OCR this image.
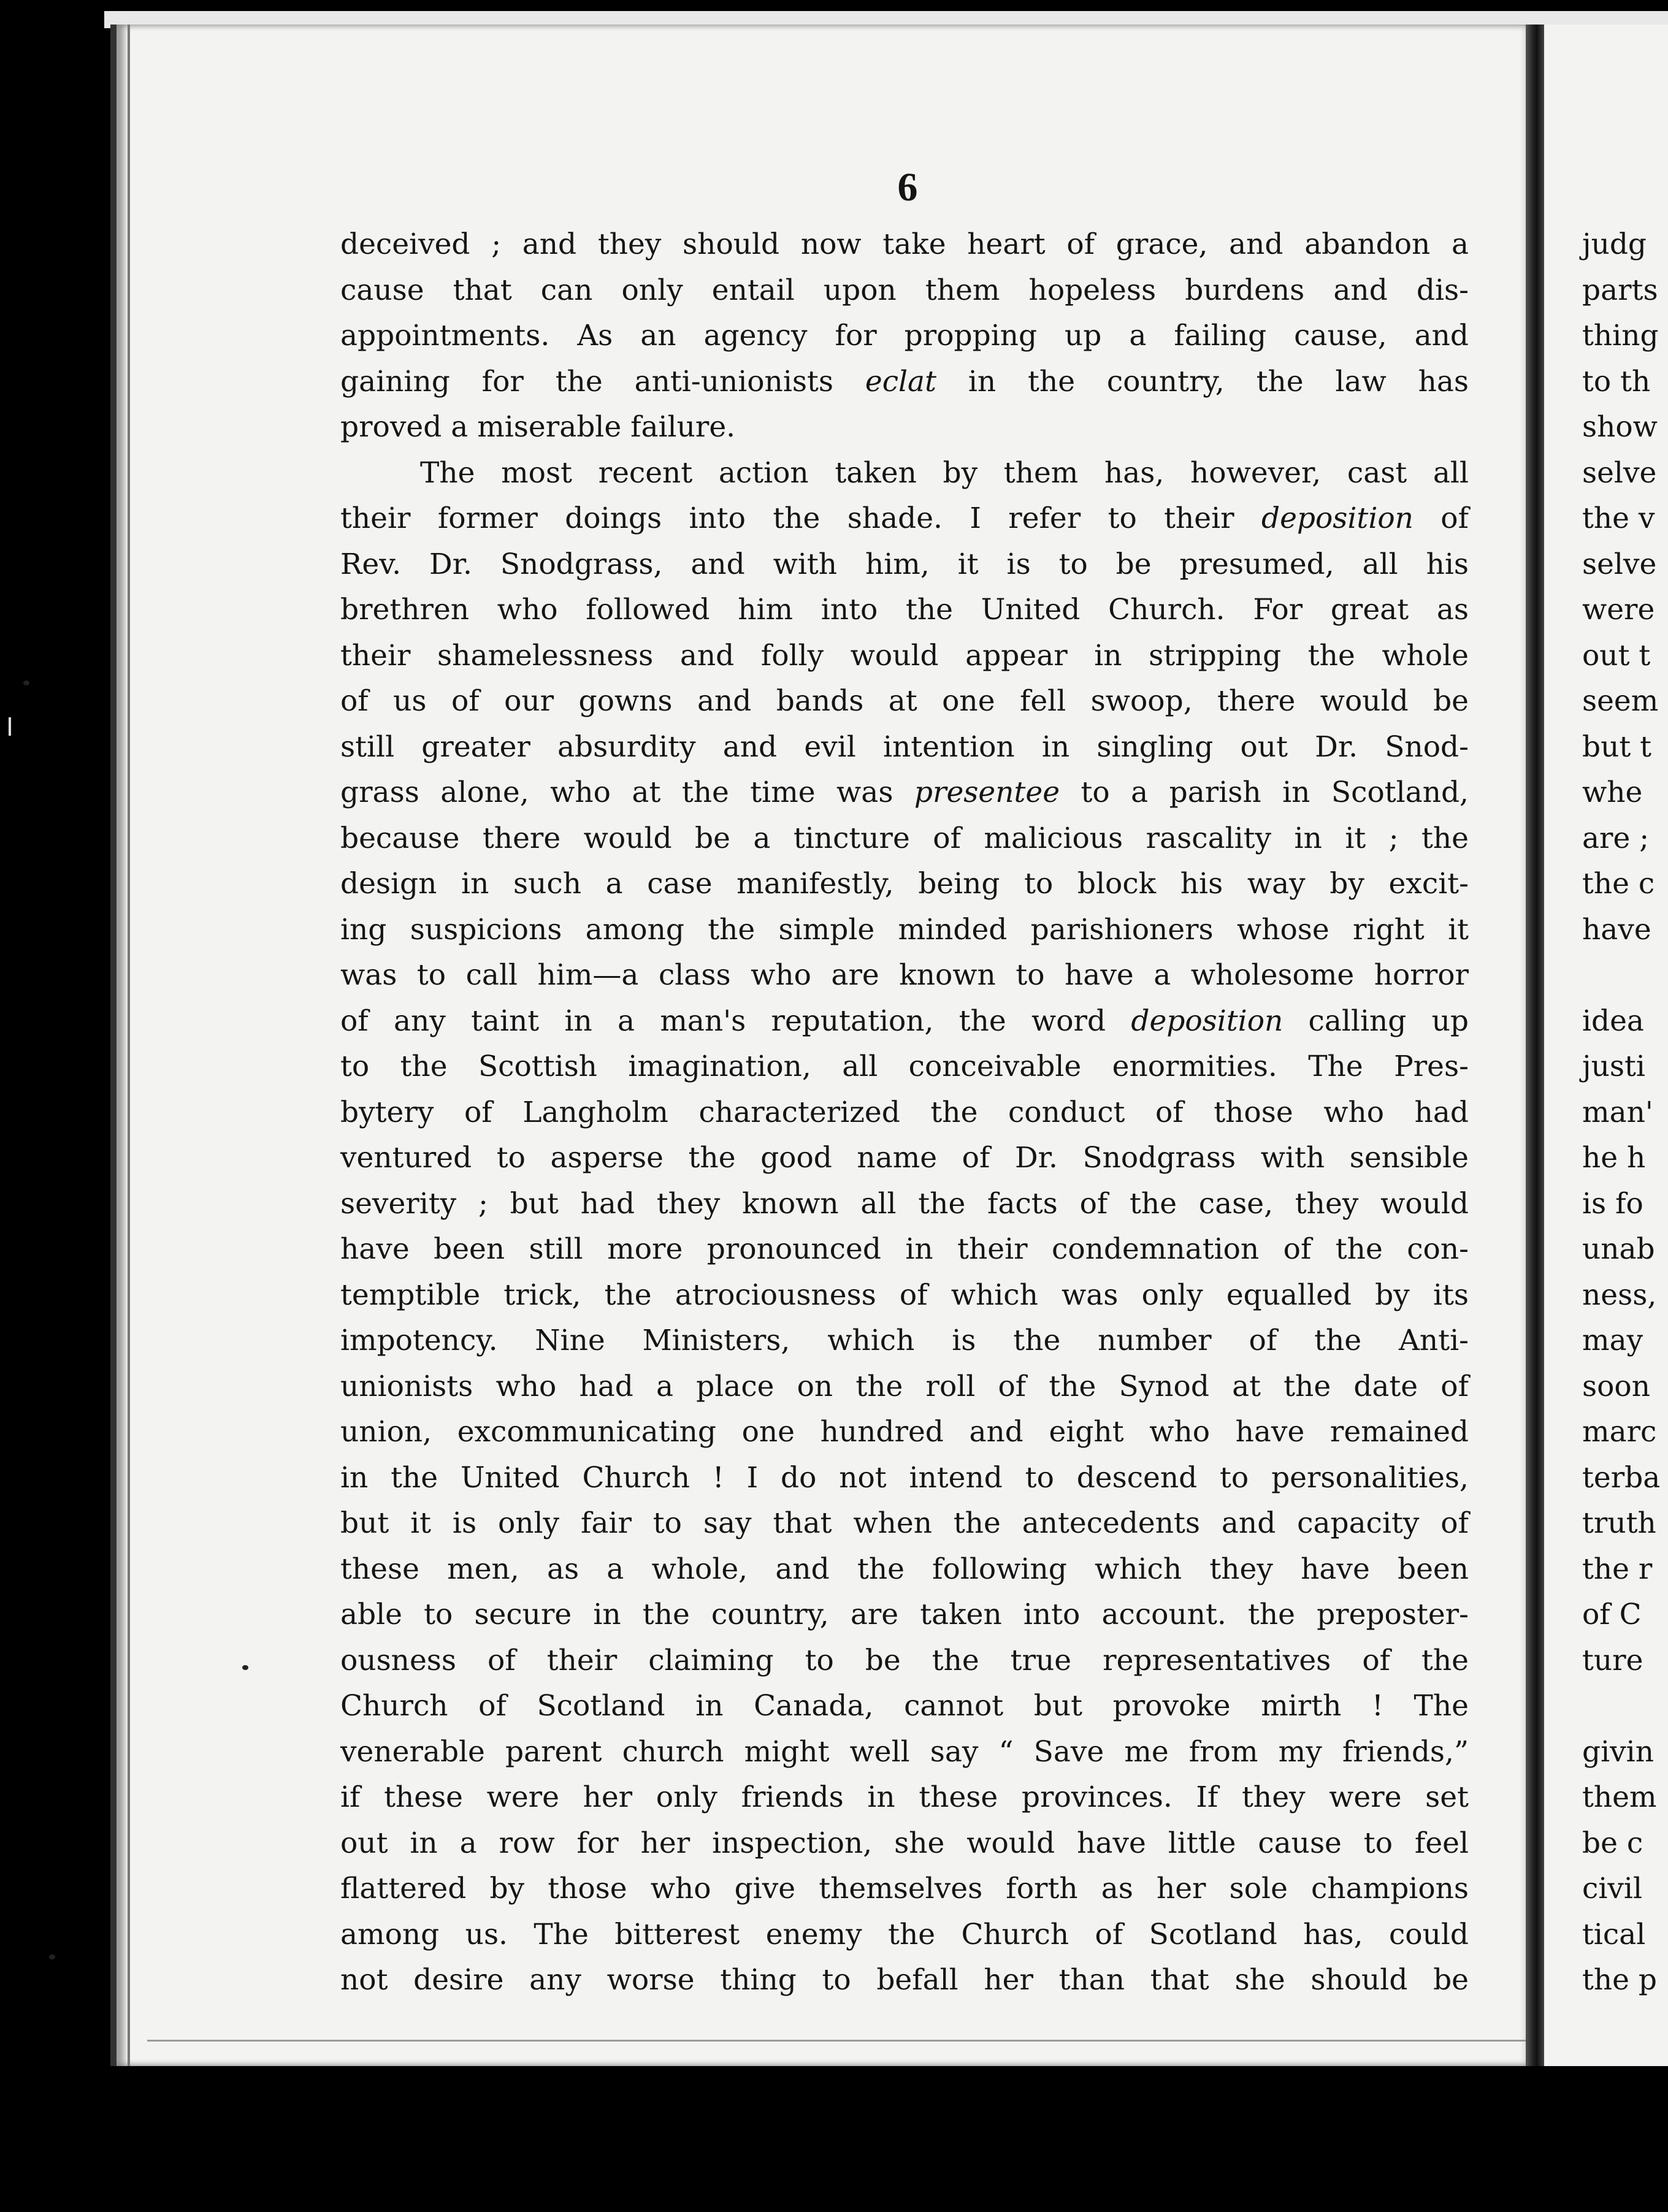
6
deceived ; and they should now take heart of grace, and abandon a
cause that can only entail upon them hopeless burdens and dis-
appointments. As an agency for propping up a failing cause, and
gaining for the anti-unionists eclat in the country, the law has
proved a miserable failure.
The most recent action taken by them has, however, cast all
their former doings into the shade. I refer to their deposition of
Rev. Dr. Snodgrass, and with him, it is to be presumed, all his
brethren who followed him into the United Church. For great as
their shamelessness and folly would appear in stripping the whole
of us of our gowns and bands at one fell swoop, there would be
still greater absurdity and evil intention in singling out Dr. Snod-
grass alone, who at the time was presentee to a parish in Scotland,
because there would be a tincture of malicious rascality in it ; the
design in such a case manifestly, being to block his way by excit-
ing suspicions among the simple minded parishioners whose right it
was to call him—a class who are known to have a wholesome horror
of any taint in a man's reputation, the word deposition calling up
to the Scottish imagination, all conceivable enormities. The Pres-
bytery of Langholm characterized the conduct of those who had
ventured to asperse the good name of Dr. Snodgrass with sensible
severity ; but had they known all the facts of the case, they would
have been still more pronounced in their condemnation of the con-
temptible trick, the atrociousness of which was only equalled by its
impotency. Nine Ministers, which is the number of the Anti-
unionists who had a place on the roll of the Synod at the date of
union, excommunicating one hundred and eight who have remained
in the United Church ! I do not intend to descend to personalities,
but it is only fair to say that when the antecedents and capacity of
these men, as a whole, and the following which they have been
able to secure in the country, are taken into account. the preposter-
ousness of their claiming to be the true representatives of the
Church of Scotland in Canada, cannot but provoke mirth ! The
venerable parent church might well say “ Save me from my friends,”
if these were her only friends in these provinces. If they were set
out in a row for her inspection, she would have little cause to feel
flattered by those who give themselves forth as her sole champions
among us. The bitterest enemy the Church of Scotland has, could
not desire any worse thing to befall her than that she should be
judg
parts
thing
to th
show
selve
the v
selve
were
out t
seem
but t
whe
are ;
the c
have
idea
justi
man'
he h
is fo
unab
ness,
may
soon
marc
terba
truth
the r
of C
ture
givin
them
be c
civil
tical
the p
